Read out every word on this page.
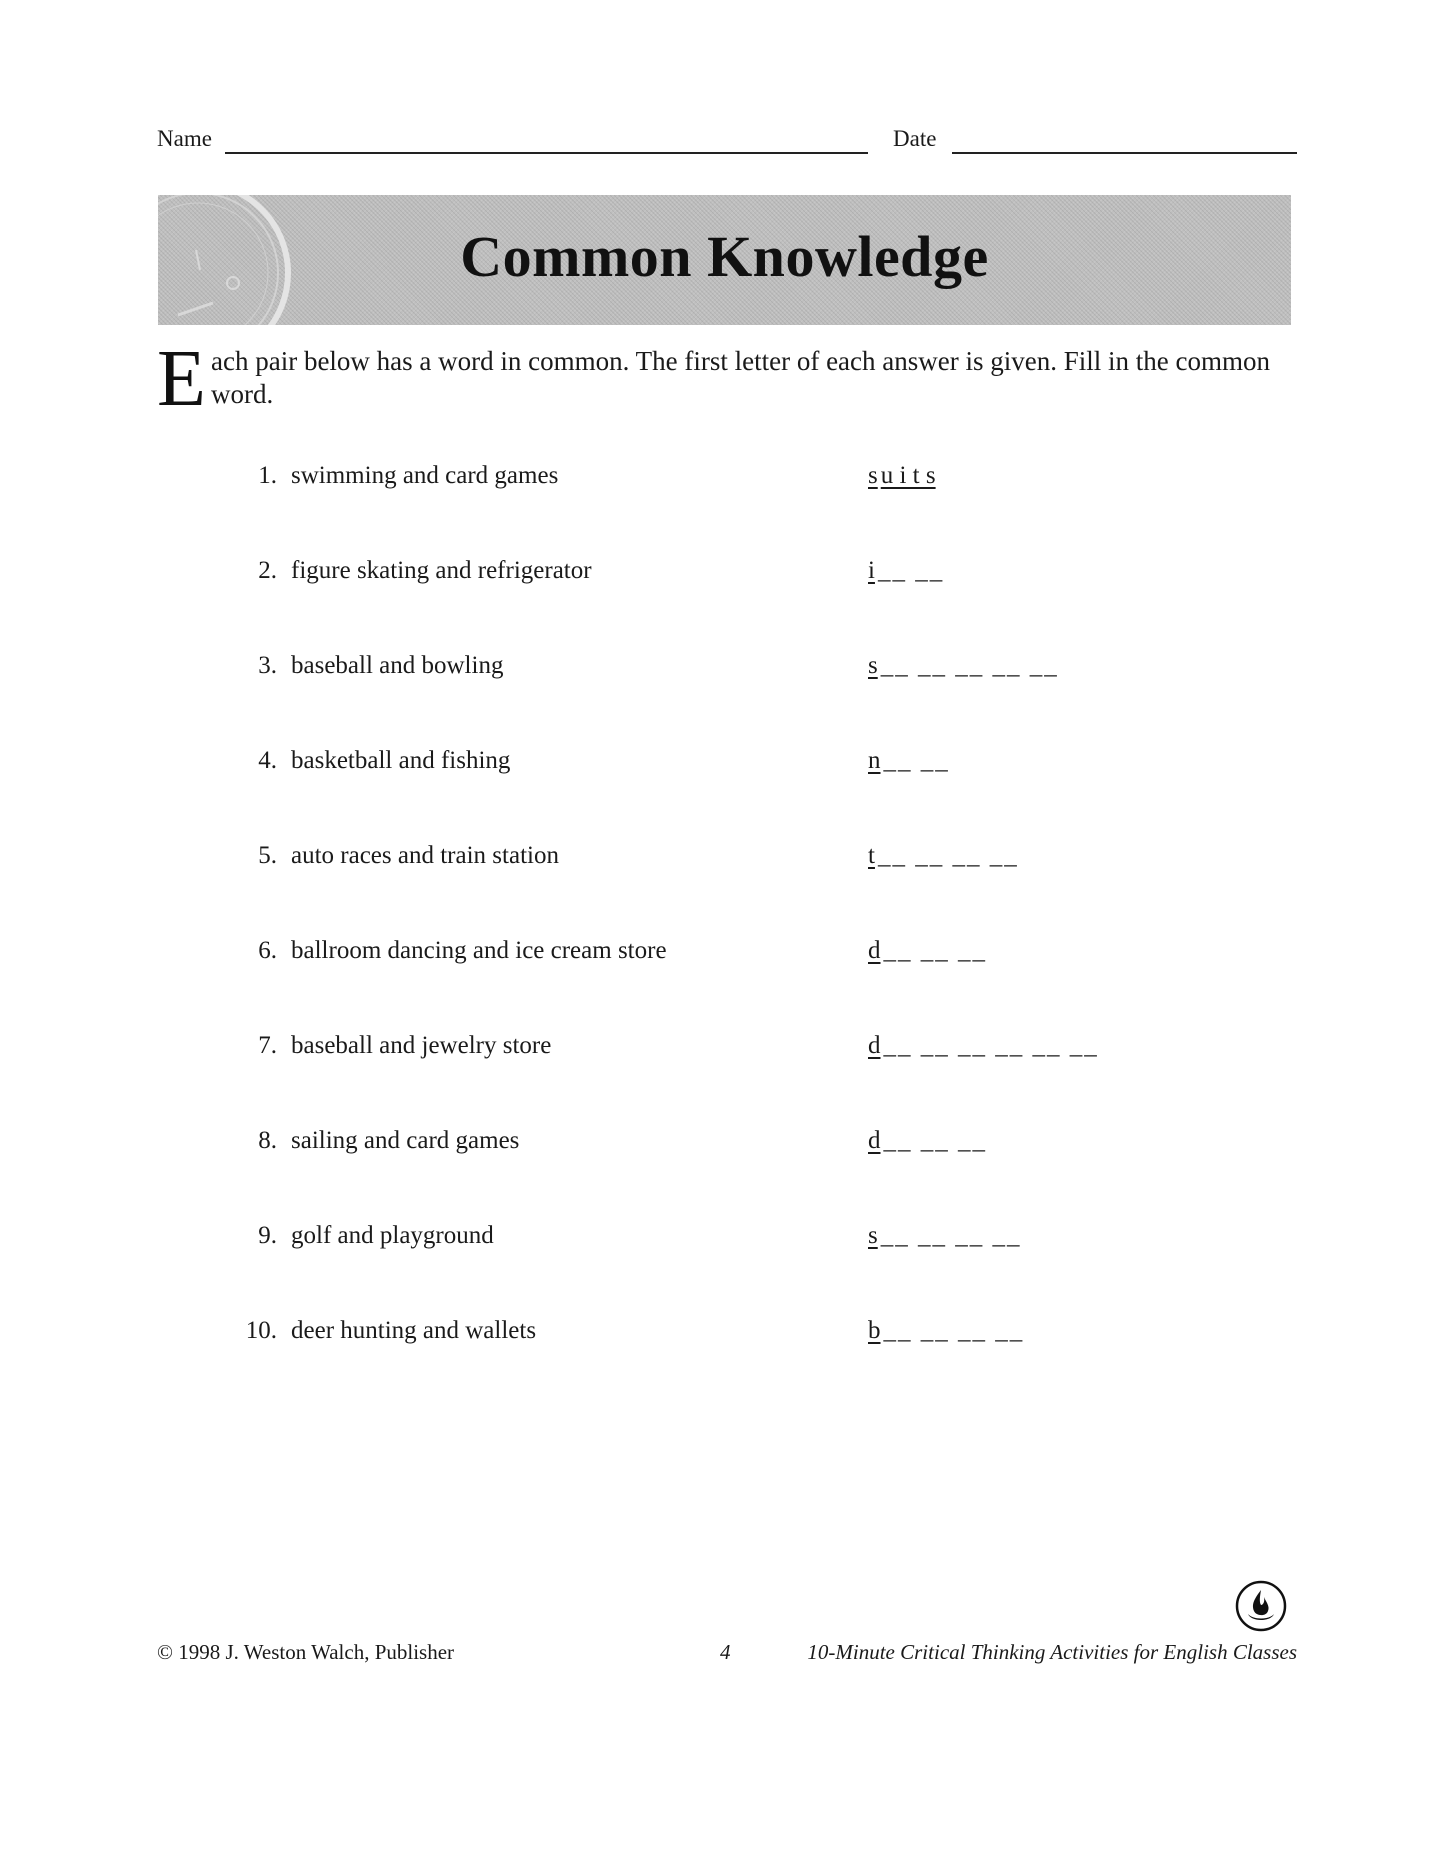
Name	Date
Common Knowledge
E ach pair below has a word in common. The first letter of each answer is given. Fill in the common word.
1. swimming and card games	s u i t s
2. figure skating and refrigerator	i __ __
3. baseball and bowling	s __ __ __ __ __
4. basketball and fishing	n __ __
5. auto races and train station	t __ __ __ __
6. ballroom dancing and ice cream store	d __ __ __
7. baseball and jewelry store	d __ __ __ __ __ __
8. sailing and card games	d __ __ __
9. golf and playground	s __ __ __ __
10. deer hunting and wallets	b __ __ __ __
© 1998 J. Weston Walch, Publisher	4	10-Minute Critical Thinking Activities for English Classes
